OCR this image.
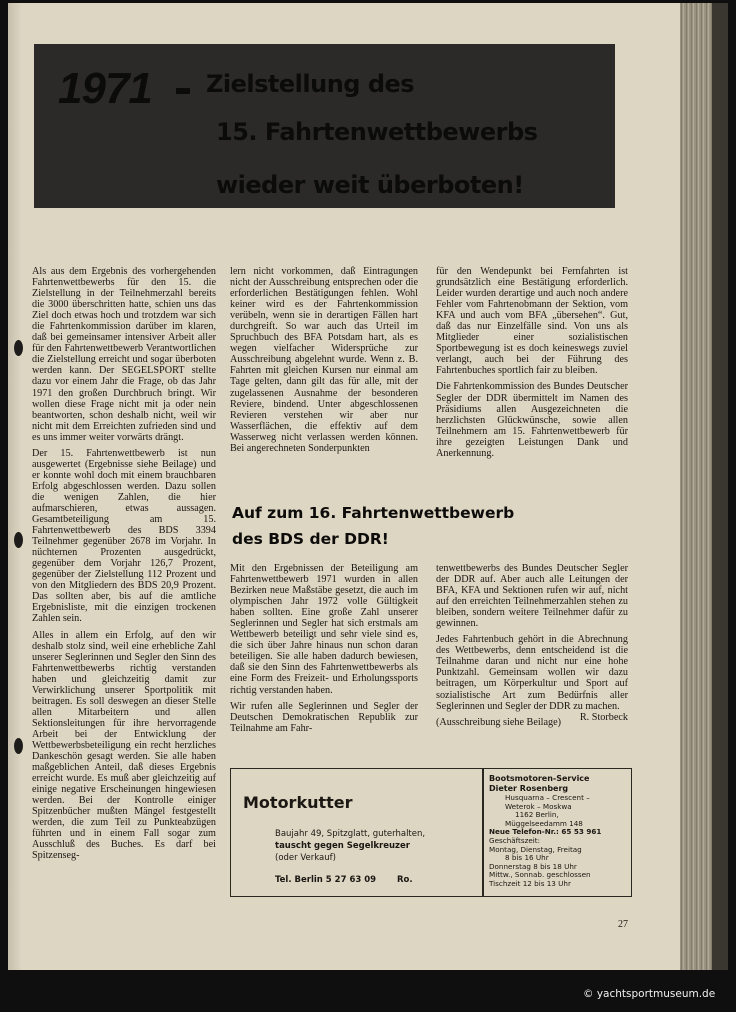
1971 Zielstellung des
15. Fahrtenwettbewerbs
wieder weit überboten!

Als aus dem Ergebnis des vorhergehenden Fahrtenwettbewerbs für den 15. die Zielstellung in der Teilnehmerzahl bereits die 3000 überschritten hatte, schien uns das Ziel doch etwas hoch und trotzdem war sich die Fahrtenkommission darüber im klaren, daß bei gemeinsamer intensiver Arbeit aller für den Fahrtenwettbewerb Verantwortlichen die Zielstellung erreicht und sogar überboten werden kann. Der SEGELSPORT stellte dazu vor einem Jahr die Frage, ob das Jahr 1971 den großen Durchbruch bringt. Wir wollen diese Frage nicht mit ja oder nein beantworten, schon deshalb nicht, weil wir nicht mit dem Erreichten zufrieden sind und es uns immer weiter vorwärts drängt.

Der 15. Fahrtenwettbewerb ist nun ausgewertet (Ergebnisse siehe Beilage) und er konnte wohl doch mit einem brauchbaren Erfolg abgeschlossen werden. Dazu sollen die wenigen Zahlen, die hier aufmarschieren, etwas aussagen. Gesamtbeteiligung am 15. Fahrtenwettbewerb des BDS 3394 Teilnehmer gegenüber 2678 im Vorjahr. In nüchternen Prozenten ausgedrückt, gegenüber dem Vorjahr 126,7 Prozent, gegenüber der Zielstellung 112 Prozent und von den Mitgliedern des BDS 20,9 Prozent. Das sollten aber, bis auf die amtliche Ergebnisliste, mit die einzigen trockenen Zahlen sein.

Alles in allem ein Erfolg, auf den wir deshalb stolz sind, weil eine erhebliche Zahl unserer Seglerinnen und Segler den Sinn des Fahrtenwettbewerbs richtig verstanden haben und gleichzeitig damit zur Verwirklichung unserer Sportpolitik mit beitragen. Es soll deswegen an dieser Stelle allen Mitarbeitern und allen Sektionsleitungen für ihre hervorragende Arbeit bei der Entwicklung der Wettbewerbsbeteiligung ein recht herzliches Dankeschön gesagt werden. Sie alle haben maßgeblichen Anteil, daß dieses Ergebnis erreicht wurde. Es muß aber gleichzeitig auf einige negative Erscheinungen hingewiesen werden. Bei der Kontrolle einiger Spitzenbücher mußten Mängel festgestellt werden, die zum Teil zu Punkteabzügen führten und in einem Fall sogar zum Ausschluß des Buches. Es darf bei Spitzenseg-

lern nicht vorkommen, daß Eintragungen nicht der Ausschreibung entsprechen oder die erforderlichen Bestätigungen fehlen. Wohl keiner wird es der Fahrtenkommission verübeln, wenn sie in derartigen Fällen hart durchgreift. So war auch das Urteil im Spruchbuch des BFA Potsdam hart, als es wegen vielfacher Widersprüche zur Ausschreibung abgelehnt wurde. Wenn z. B. Fahrten mit gleichen Kursen nur einmal am Tage gelten, dann gilt das für alle, mit der zugelassenen Ausnahme der besonderen Reviere, bindend. Unter abgeschlossenen Revieren verstehen wir aber nur Wasserflächen, die effektiv auf dem Wasserweg nicht verlassen werden können. Bei angerechneten Sonderpunkten

für den Wendepunkt bei Fernfahrten ist grundsätzlich eine Bestätigung erforderlich. Leider wurden derartige und auch noch andere Fehler vom Fahrtenobmann der Sektion, vom KFA und auch vom BFA „übersehen“. Gut, daß das nur Einzelfälle sind. Von uns als Mitglieder einer sozialistischen Sportbewegung ist es doch keineswegs zuviel verlangt, auch bei der Führung des Fahrtenbuches sportlich fair zu bleiben.

Die Fahrtenkommission des Bundes Deutscher Segler der DDR übermittelt im Namen des Präsidiums allen Ausgezeichneten die herzlichsten Glückwünsche, sowie allen Teilnehmern am 15. Fahrtenwettbewerb für ihre gezeigten Leistungen Dank und Anerkennung.

Auf zum 16. Fahrtenwettbewerb
des BDS der DDR!

Mit den Ergebnissen der Beteiligung am Fahrtenwettbewerb 1971 wurden in allen Bezirken neue Maßstäbe gesetzt, die auch im olympischen Jahr 1972 volle Gültigkeit haben sollten. Eine große Zahl unserer Seglerinnen und Segler hat sich erstmals am Wettbewerb beteiligt und sehr viele sind es, die sich über Jahre hinaus nun schon daran beteiligen. Sie alle haben dadurch bewiesen, daß sie den Sinn des Fahrtenwettbewerbs als eine Form des Freizeit- und Erholungssports richtig verstanden haben.

Wir rufen alle Seglerinnen und Segler der Deutschen Demokratischen Republik zur Teilnahme am Fahr-

tenwettbewerbs des Bundes Deutscher Segler der DDR auf. Aber auch alle Leitungen der BFA, KFA und Sektionen rufen wir auf, nicht auf den erreichten Teilnehmerzahlen stehen zu bleiben, sondern weitere Teilnehmer dafür zu gewinnen.

Jedes Fahrtenbuch gehört in die Abrechnung des Wettbewerbs, denn entscheidend ist die Teilnahme daran und nicht nur eine hohe Punktzahl. Gemeinsam wollen wir dazu beitragen, um Körperkultur und Sport auf sozialistische Art zum Bedürfnis aller Seglerinnen und Segler der DDR zu machen.
R. Storbeck

(Ausschreibung siehe Beilage)

Motorkutter
Baujahr 49, Spitzglatt, guterhalten,
tauscht gegen Segelkreuzer
(oder Verkauf)
Tel. Berlin 5 27 63 09 Ro.
Bootsmotoren-Service
Dieter Rosenberg
Husquarna – Crescent –
Weterok – Moskwa
1162 Berlin,
Müggelseedamm 148
Neue Telefon-Nr.: 65 53 961
Geschäftszeit:
Montag, Dienstag, Freitag
8 bis 16 Uhr
Donnerstag 8 bis 18 Uhr
Mittw., Sonnab. geschlossen
Tischzeit 12 bis 13 Uhr
27
© yachtsportmuseum.de
